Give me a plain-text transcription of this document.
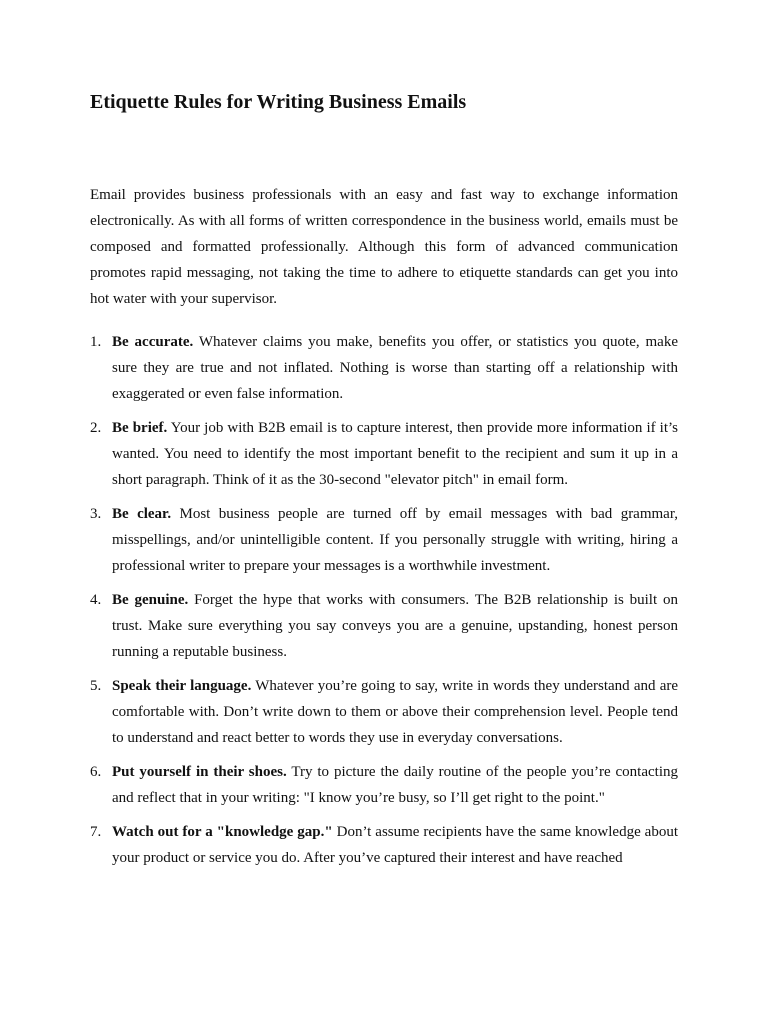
Etiquette Rules for Writing Business Emails

Email provides business professionals with an easy and fast way to exchange information electronically. As with all forms of written correspondence in the business world, emails must be composed and formatted professionally. Although this form of advanced communication promotes rapid messaging, not taking the time to adhere to etiquette standards can get you into hot water with your supervisor.

1. Be accurate. Whatever claims you make, benefits you offer, or statistics you quote, make sure they are true and not inflated. Nothing is worse than starting off a relationship with exaggerated or even false information.
2. Be brief. Your job with B2B email is to capture interest, then provide more information if it’s wanted. You need to identify the most important benefit to the recipient and sum it up in a short paragraph. Think of it as the 30-second "elevator pitch" in email form.
3. Be clear. Most business people are turned off by email messages with bad grammar, misspellings, and/or unintelligible content. If you personally struggle with writing, hiring a professional writer to prepare your messages is a worthwhile investment.
4. Be genuine. Forget the hype that works with consumers. The B2B relationship is built on trust. Make sure everything you say conveys you are a genuine, upstanding, honest person running a reputable business.
5. Speak their language. Whatever you’re going to say, write in words they understand and are comfortable with. Don’t write down to them or above their comprehension level. People tend to understand and react better to words they use in everyday conversations.
6. Put yourself in their shoes. Try to picture the daily routine of the people you’re contacting and reflect that in your writing: "I know you’re busy, so I’ll get right to the point."
7. Watch out for a "knowledge gap." Don’t assume recipients have the same knowledge about your product or service you do. After you’ve captured their interest and have reached
